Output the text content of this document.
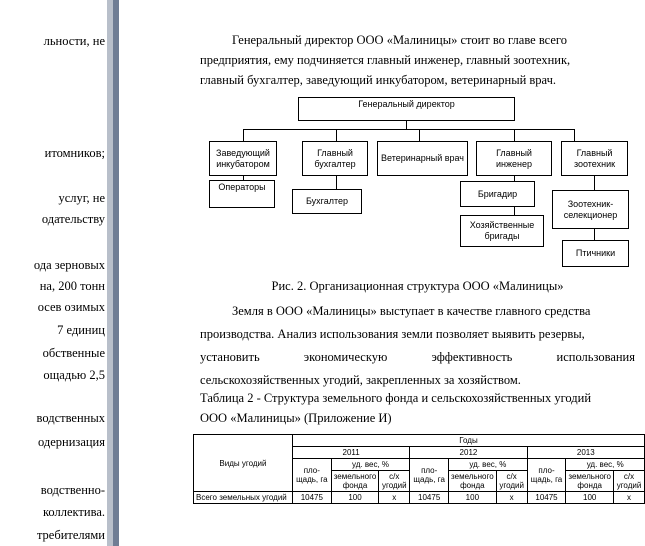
льности, не
итомников;
услуг, не
одательству
ода зерновых
на, 200 тонн
осев озимых
7 единиц
обственные
ощадью 2,5
водственных
одернизация
водственно-
коллектива.
требителями
Генеральный директор ООО «Малиницы» стоит во главе всего
предприятия, ему подчиняется главный инженер, главный зоотехник,
главный бухгалтер, заведующий инкубатором, ветеринарный врач.
Генеральный директор
Заведующий инкубатором
Главный бухгалтер
Ветеринарный врач
Главный инженер
Главный зоотехник
Операторы
Бухгалтер
Бригадир
Хозяйственные бригады
Зоотехник-селекционер
Птичники
Рис. 2. Организационная структура ООО «Малиницы»
Земля в ООО «Малиницы» выступает в качестве главного средства
производства. Анализ использования земли позволяет выявить резервы,
установить экономическую эффективность использования
сельскохозяйственных угодий, закрепленных за хозяйством.
Таблица 2 - Структура земельного фонда и сельскохозяйственных угодий
ООО «Малиницы» (Приложение И)
Виды угодий	Годы								
	2011			2012			2013		
	пло-щадь, га	уд. вес, %		пло-щадь, га	уд. вес, %		пло-щадь, га	уд. вес, %	
		земельного фонда	с/х угодий		земельного фонда	с/х угодий		земельного фонда	с/х угодий
Всего земельных угодий	10475	100	х	10475	100	х	10475	100	х
